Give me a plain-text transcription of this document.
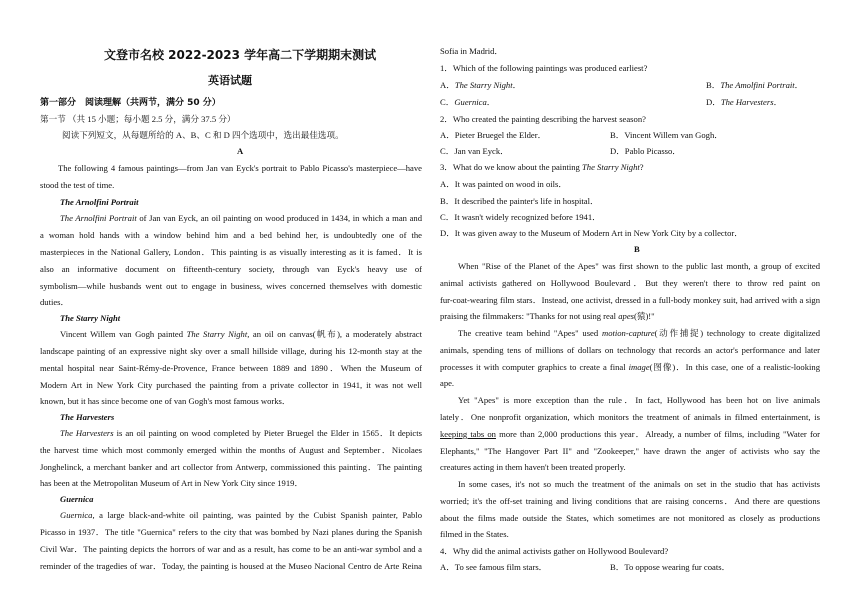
文登市名校 2022-2023 学年高二下学期期末测试
英语试题
第一部分　阅读理解（共两节，满分 50 分）
第一节 （共 15 小题；每小题 2.5 分，满分 37.5 分）
阅读下列短文，从每题所给的 A、B、C 和 D 四个选项中，选出最佳选项。
A
The following 4 famous paintings—from Jan van Eyck's portrait to Pablo Picasso's masterpiece—have
stood the test of time.
The Arnolfini Portrait
The Arnolfini Portrait of Jan van Eyck, an oil painting on wood produced in 1434, in which a man and
a woman hold hands with a window behind him and a bed behind her, is undoubtedly one of the
masterpieces in the National Gallery, London．This painting is as visually interesting as it is famed．It is
also an informative document on fifteenth-century society, through van Eyck's heavy use of
symbolism—while husbands went out to engage in business, wives concerned themselves with domestic
duties．
The Starry Night
Vincent Willem van Gogh painted The Starry Night, an oil on canvas(帆布), a moderately abstract
landscape painting of an expressive night sky over a small hillside village, during his 12-month stay at the
mental hospital near Saint-Rémy-de-Provence, France between 1889 and 1890．When the Museum of
Modern Art in New York City purchased the painting from a private collector in 1941, it was not well
known, but it has since become one of van Gogh's most famous works．
The Harvesters
The Harvesters is an oil painting on wood completed by Pieter Bruegel the Elder in 1565．It depicts
the harvest time which most commonly emerged within the months of August and September．Nicolaes
Jonghelinck, a merchant banker and art collector from Antwerp, commissioned this painting．The painting
has been at the Metropolitan Museum of Art in New York City since 1919．
Guernica
Guernica, a large black-and-white oil painting, was painted by the Cubist Spanish painter, Pablo
Picasso in 1937．The title "Guernica" refers to the city that was bombed by Nazi planes during the Spanish
Civil War．The painting depicts the horrors of war and as a result, has come to be an anti-war symbol and a
reminder of the tragedies of war．Today, the painting is housed at the Museo Nacional Centro de Arte Reina
Sofia in Madrid．
1．Which of the following paintings was produced earliest?
A．The Starry Night．	B．The Amolfini Portrait．
C．Guernica．	D．The Harvesters．
2．Who created the painting describing the harvest season?
A．Pieter Bruegel the Elder．	B．Vincent Willem van Gogh．
C．Jan van Eyck．	D．Pablo Picasso．
3．What do we know about the painting The Starry Night?
A．It was painted on wood in oils．
B．It described the painter's life in hospital．
C．It wasn't widely recognized before 1941．
D．It was given away to the Museum of Modern Art in New York City by a collector．
B
When "Rise of the Planet of the Apes" was first shown to the public last month, a group of excited
animal activists gathered on Hollywood Boulevard．But they weren't there to throw red paint on
fur-coat-wearing film stars．Instead, one activist, dressed in a full-body monkey suit, had arrived with a sign
praising the filmmakers: "Thanks for not using real apes(猿)!"
The creative team behind "Apes" used motion-capture(动作捕捉) technology to create digitalized
animals, spending tens of millions of dollars on technology that records an actor's performance and later
processes it with computer graphics to create a final image(图像)．In this case, one of a realistic-looking
ape.
Yet "Apes" is more exception than the rule．In fact, Hollywood has been hot on live animals
lately．One nonprofit organization, which monitors the treatment of animals in filmed entertainment, is
keeping tabs on more than 2,000 productions this year．Already, a number of films, including "Water for
Elephants," "The Hangover Part II" and "Zookeeper," have drawn the anger of activists who say the
creatures acting in them haven't been treated properly.
In some cases, it's not so much the treatment of the animals on set in the studio that has activists
worried; it's the off-set training and living conditions that are raising concerns．And there are questions
about the films made outside the States, which sometimes are not monitored as closely as productions
filmed in the States.
4．Why did the animal activists gather on Hollywood Boulevard?
A．To see famous film stars．	B．To oppose wearing fur coats．
